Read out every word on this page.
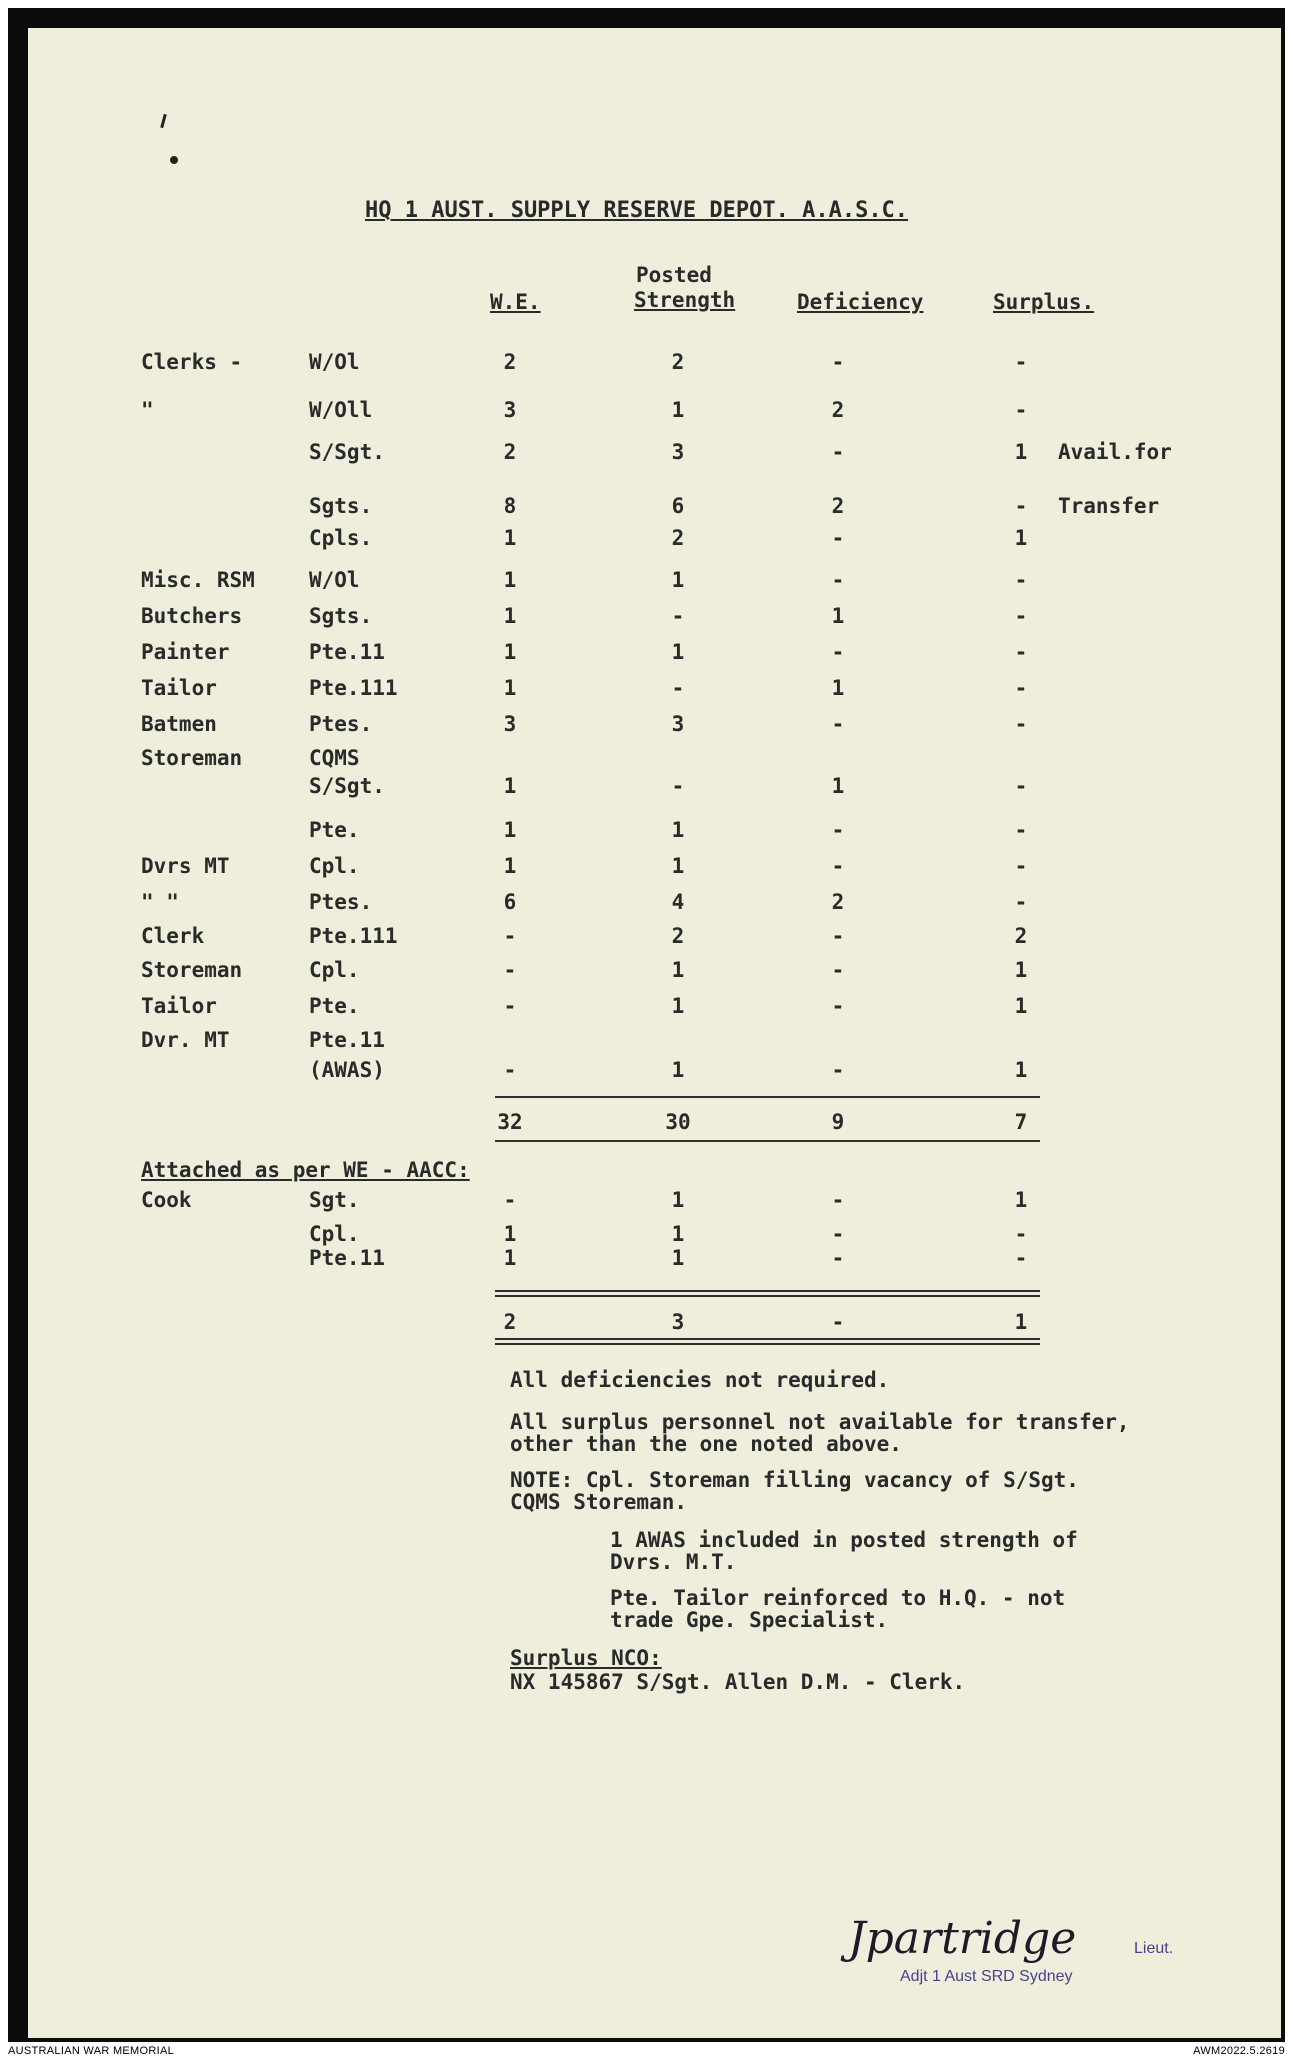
HQ 1 AUST. SUPPLY RESERVE DEPOT. A.A.S.C.
W.E.
Posted
Strength	Deficiency	Surplus.
Clerks -	W/Ol	2	2	-	-
"	W/Oll	3	1	2	-
S/Sgt.	2	3	-	1	Avail.for
Sgts.	8	6	2	-	Transfer
Cpls.	1	2	-	1
Misc. RSM	W/Ol	1	1	-	-
Butchers	Sgts.	1	-	1	-
Painter	Pte.11	1	1	-	-
Tailor	Pte.111	1	-	1	-
Batmen	Ptes.	3	3	-	-
Storeman	CQMS
S/Sgt.	1	-	1	-
Pte.	1	1	-	-
Dvrs MT	Cpl.	1	1	-	-
" "	Ptes.	6	4	2	-
Clerk	Pte.111	-	2	-	2
Storeman	Cpl.	-	1	-	1
Tailor	Pte.	-	1	-	1
Dvr. MT	Pte.11
(AWAS)	-	1	-	1
32	30	9	7
Attached as per WE - AACC:
Cook	Sgt.	-	1	-	1
Cpl.	1	1	-	-
Pte.11	1	1	-	-
2	3	-	1
All deficiencies not required.
All surplus personnel not available for transfer,
other than the one noted above.
NOTE: Cpl. Storeman filling vacancy of S/Sgt.
CQMS Storeman.
1 AWAS included in posted strength of
Dvrs. M.T.
Pte. Tailor reinforced to H.Q. - not
trade Gpe. Specialist.
Surplus NCO:
NX 145867 S/Sgt. Allen D.M. - Clerk.
Jpartridge	Lieut.
Adjt 1 Aust SRD Sydney
AUSTRALIAN WAR MEMORIAL	AWM2022.5.2619
